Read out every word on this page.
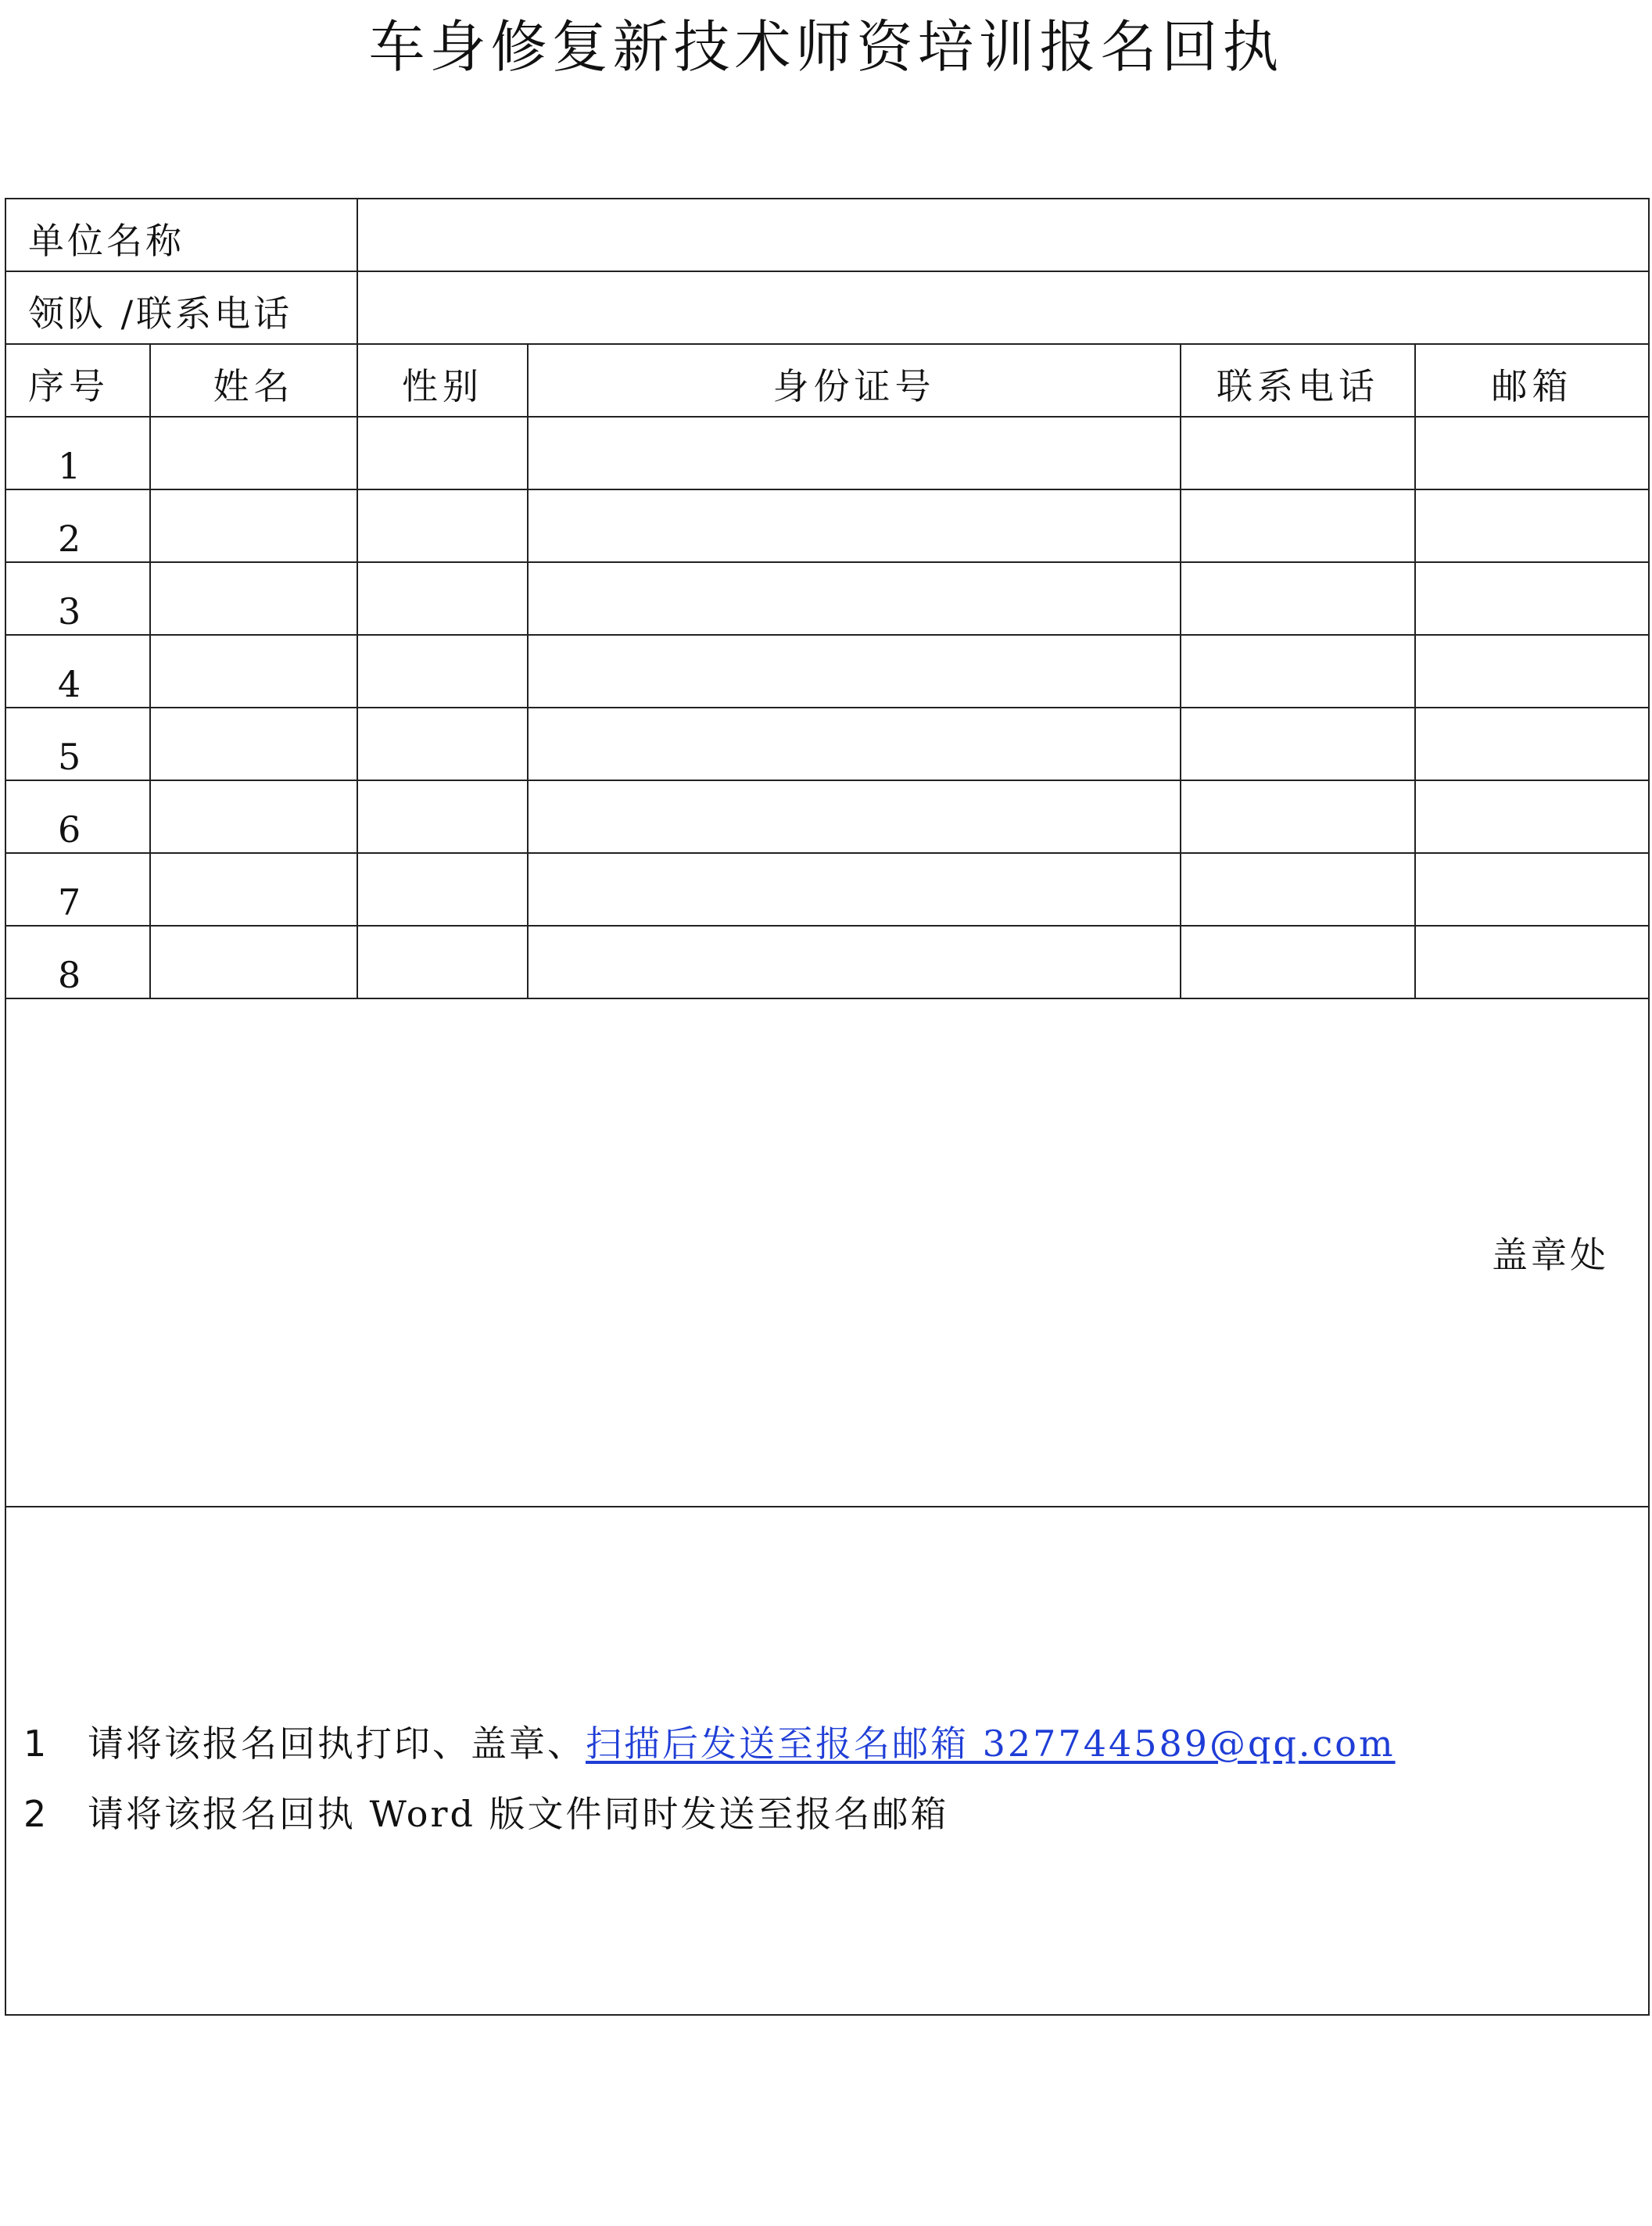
车身修复新技术师资培训报名回执
单位名称					
领队 /联系电话					
序号	姓名	性别	身份证号	联系电话	邮箱
1					
2					
3					
4					
5					
6					
7					
8					
盖章处					

1 请将该报名回执打印、盖章、扫描后发送至报名邮箱 327744589@qq.com
2 请将该报名回执 Word 版文件同时发送至报名邮箱
